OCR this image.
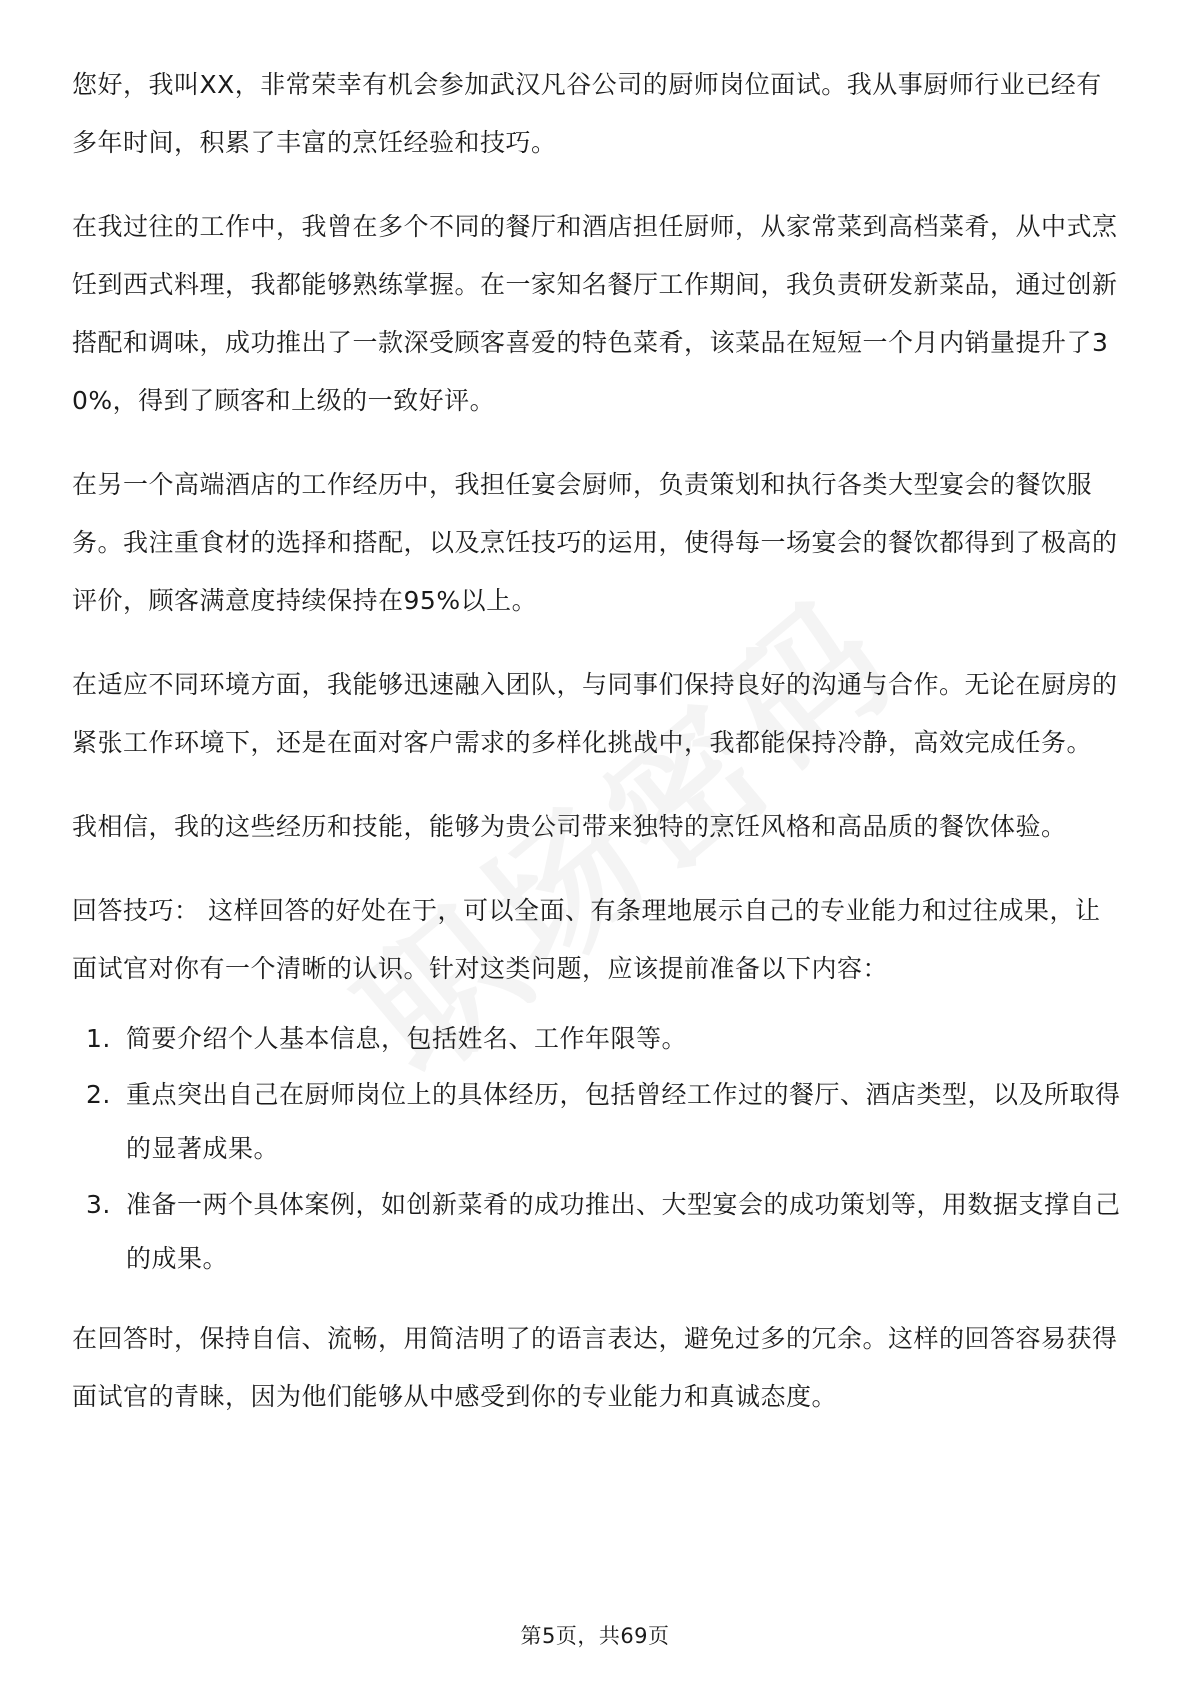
您好，我叫XX，非常荣幸有机会参加武汉凡谷公司的厨师岗位面试。我从事厨师行业已经有多年时间，积累了丰富的烹饪经验和技巧。

在我过往的工作中，我曾在多个不同的餐厅和酒店担任厨师，从家常菜到高档菜肴，从中式烹饪到西式料理，我都能够熟练掌握。在一家知名餐厅工作期间，我负责研发新菜品，通过创新搭配和调味，成功推出了一款深受顾客喜爱的特色菜肴，该菜品在短短一个月内销量提升了30%，得到了顾客和上级的一致好评。

在另一个高端酒店的工作经历中，我担任宴会厨师，负责策划和执行各类大型宴会的餐饮服务。我注重食材的选择和搭配，以及烹饪技巧的运用，使得每一场宴会的餐饮都得到了极高的评价，顾客满意度持续保持在95%以上。

在适应不同环境方面，我能够迅速融入团队，与同事们保持良好的沟通与合作。无论在厨房的紧张工作环境下，还是在面对客户需求的多样化挑战中，我都能保持冷静，高效完成任务。

我相信，我的这些经历和技能，能够为贵公司带来独特的烹饪风格和高品质的餐饮体验。

回答技巧： 这样回答的好处在于，可以全面、有条理地展示自己的专业能力和过往成果，让面试官对你有一个清晰的认识。针对这类问题，应该提前准备以下内容：

1. 简要介绍个人基本信息，包括姓名、工作年限等。
2. 重点突出自己在厨师岗位上的具体经历，包括曾经工作过的餐厅、酒店类型，以及所取得的显著成果。
3. 准备一两个具体案例，如创新菜肴的成功推出、大型宴会的成功策划等，用数据支撑自己的成果。

在回答时，保持自信、流畅，用简洁明了的语言表达，避免过多的冗余。这样的回答容易获得面试官的青睐，因为他们能够从中感受到你的专业能力和真诚态度。

第5页，共69页
